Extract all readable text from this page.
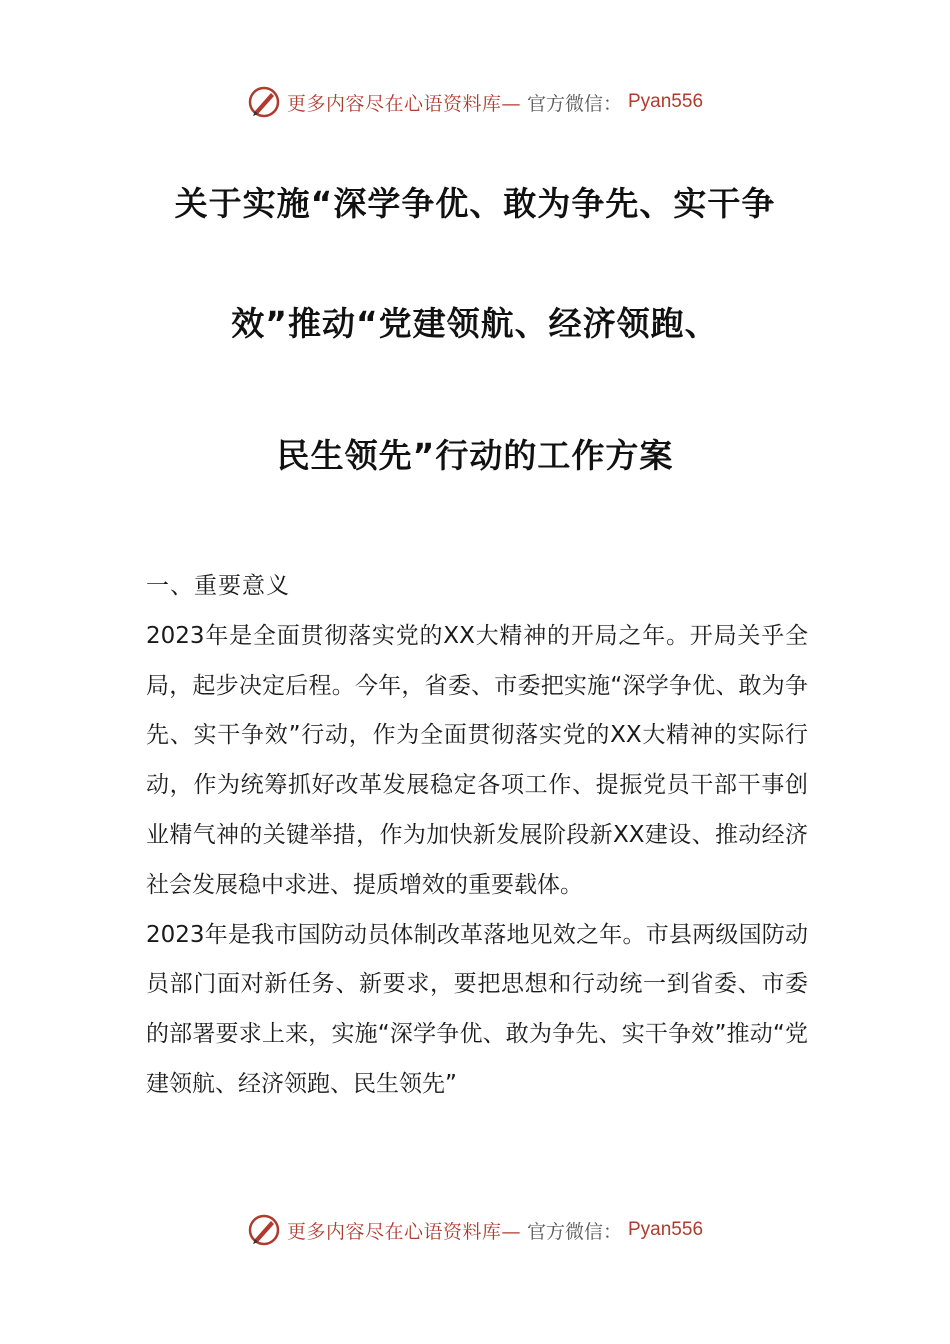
更多内容尽在心语资料库— 官方微信： Pyan556
关于实施“深学争优、敢为争先、实干争
效”推动“党建领航、经济领跑、
民生领先”行动的工作方案

一、重要意义

2023年是全面贯彻落实党的XX大精神的开局之年。开局关乎全局，起步决定后程。今年，省委、市委把实施“深学争优、敢为争先、实干争效”行动，作为全面贯彻落实党的XX大精神的实际行动，作为统筹抓好改革发展稳定各项工作、提振党员干部干事创业精气神的关键举措，作为加快新发展阶段新XX建设、推动经济社会发展稳中求进、提质增效的重要载体。

2023年是我市国防动员体制改革落地见效之年。市县两级国防动员部门面对新任务、新要求，要把思想和行动统一到省委、市委的部署要求上来，实施“深学争优、敢为争先、实干争效”推动“党建领航、经济领跑、民生领先”

更多内容尽在心语资料库— 官方微信： Pyan556
